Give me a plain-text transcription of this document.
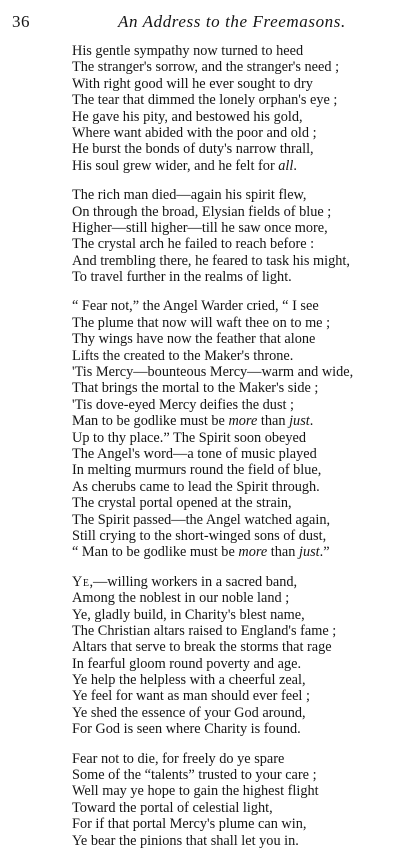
36	An Address to the Freemasons.
His gentle sympathy now turned to heed
The stranger's sorrow, and the stranger's need ;
With right good will he ever sought to dry
The tear that dimmed the lonely orphan's eye ;
He gave his pity, and bestowed his gold,
Where want abided with the poor and old ;
He burst the bonds of duty's narrow thrall,
His soul grew wider, and he felt for all.
The rich man died—again his spirit flew,
On through the broad, Elysian fields of blue ;
Higher—still higher—till he saw once more,
The crystal arch he failed to reach before :
And trembling there, he feared to task his might,
To travel further in the realms of light.
“ Fear not,” the Angel Warder cried, “ I see
The plume that now will waft thee on to me ;
Thy wings have now the feather that alone
Lifts the created to the Maker's throne.
'Tis Mercy—bounteous Mercy—warm and wide,
That brings the mortal to the Maker's side ;
'Tis dove-eyed Mercy deifies the dust ;
Man to be godlike must be more than just.
Up to thy place.” The Spirit soon obeyed
The Angel's word—a tone of music played
In melting murmurs round the field of blue,
As cherubs came to lead the Spirit through.
The crystal portal opened at the strain,
The Spirit passed—the Angel watched again,
Still crying to the short-winged sons of dust,
“ Man to be godlike must be more than just.”
Ye,—willing workers in a sacred band,
Among the noblest in our noble land ;
Ye, gladly build, in Charity's blest name,
The Christian altars raised to England's fame ;
Altars that serve to break the storms that rage
In fearful gloom round poverty and age.
Ye help the helpless with a cheerful zeal,
Ye feel for want as man should ever feel ;
Ye shed the essence of your God around,
For God is seen where Charity is found.
Fear not to die, for freely do ye spare
Some of the “talents” trusted to your care ;
Well may ye hope to gain the highest flight
Toward the portal of celestial light,
For if that portal Mercy's plume can win,
Ye bear the pinions that shall let you in.
